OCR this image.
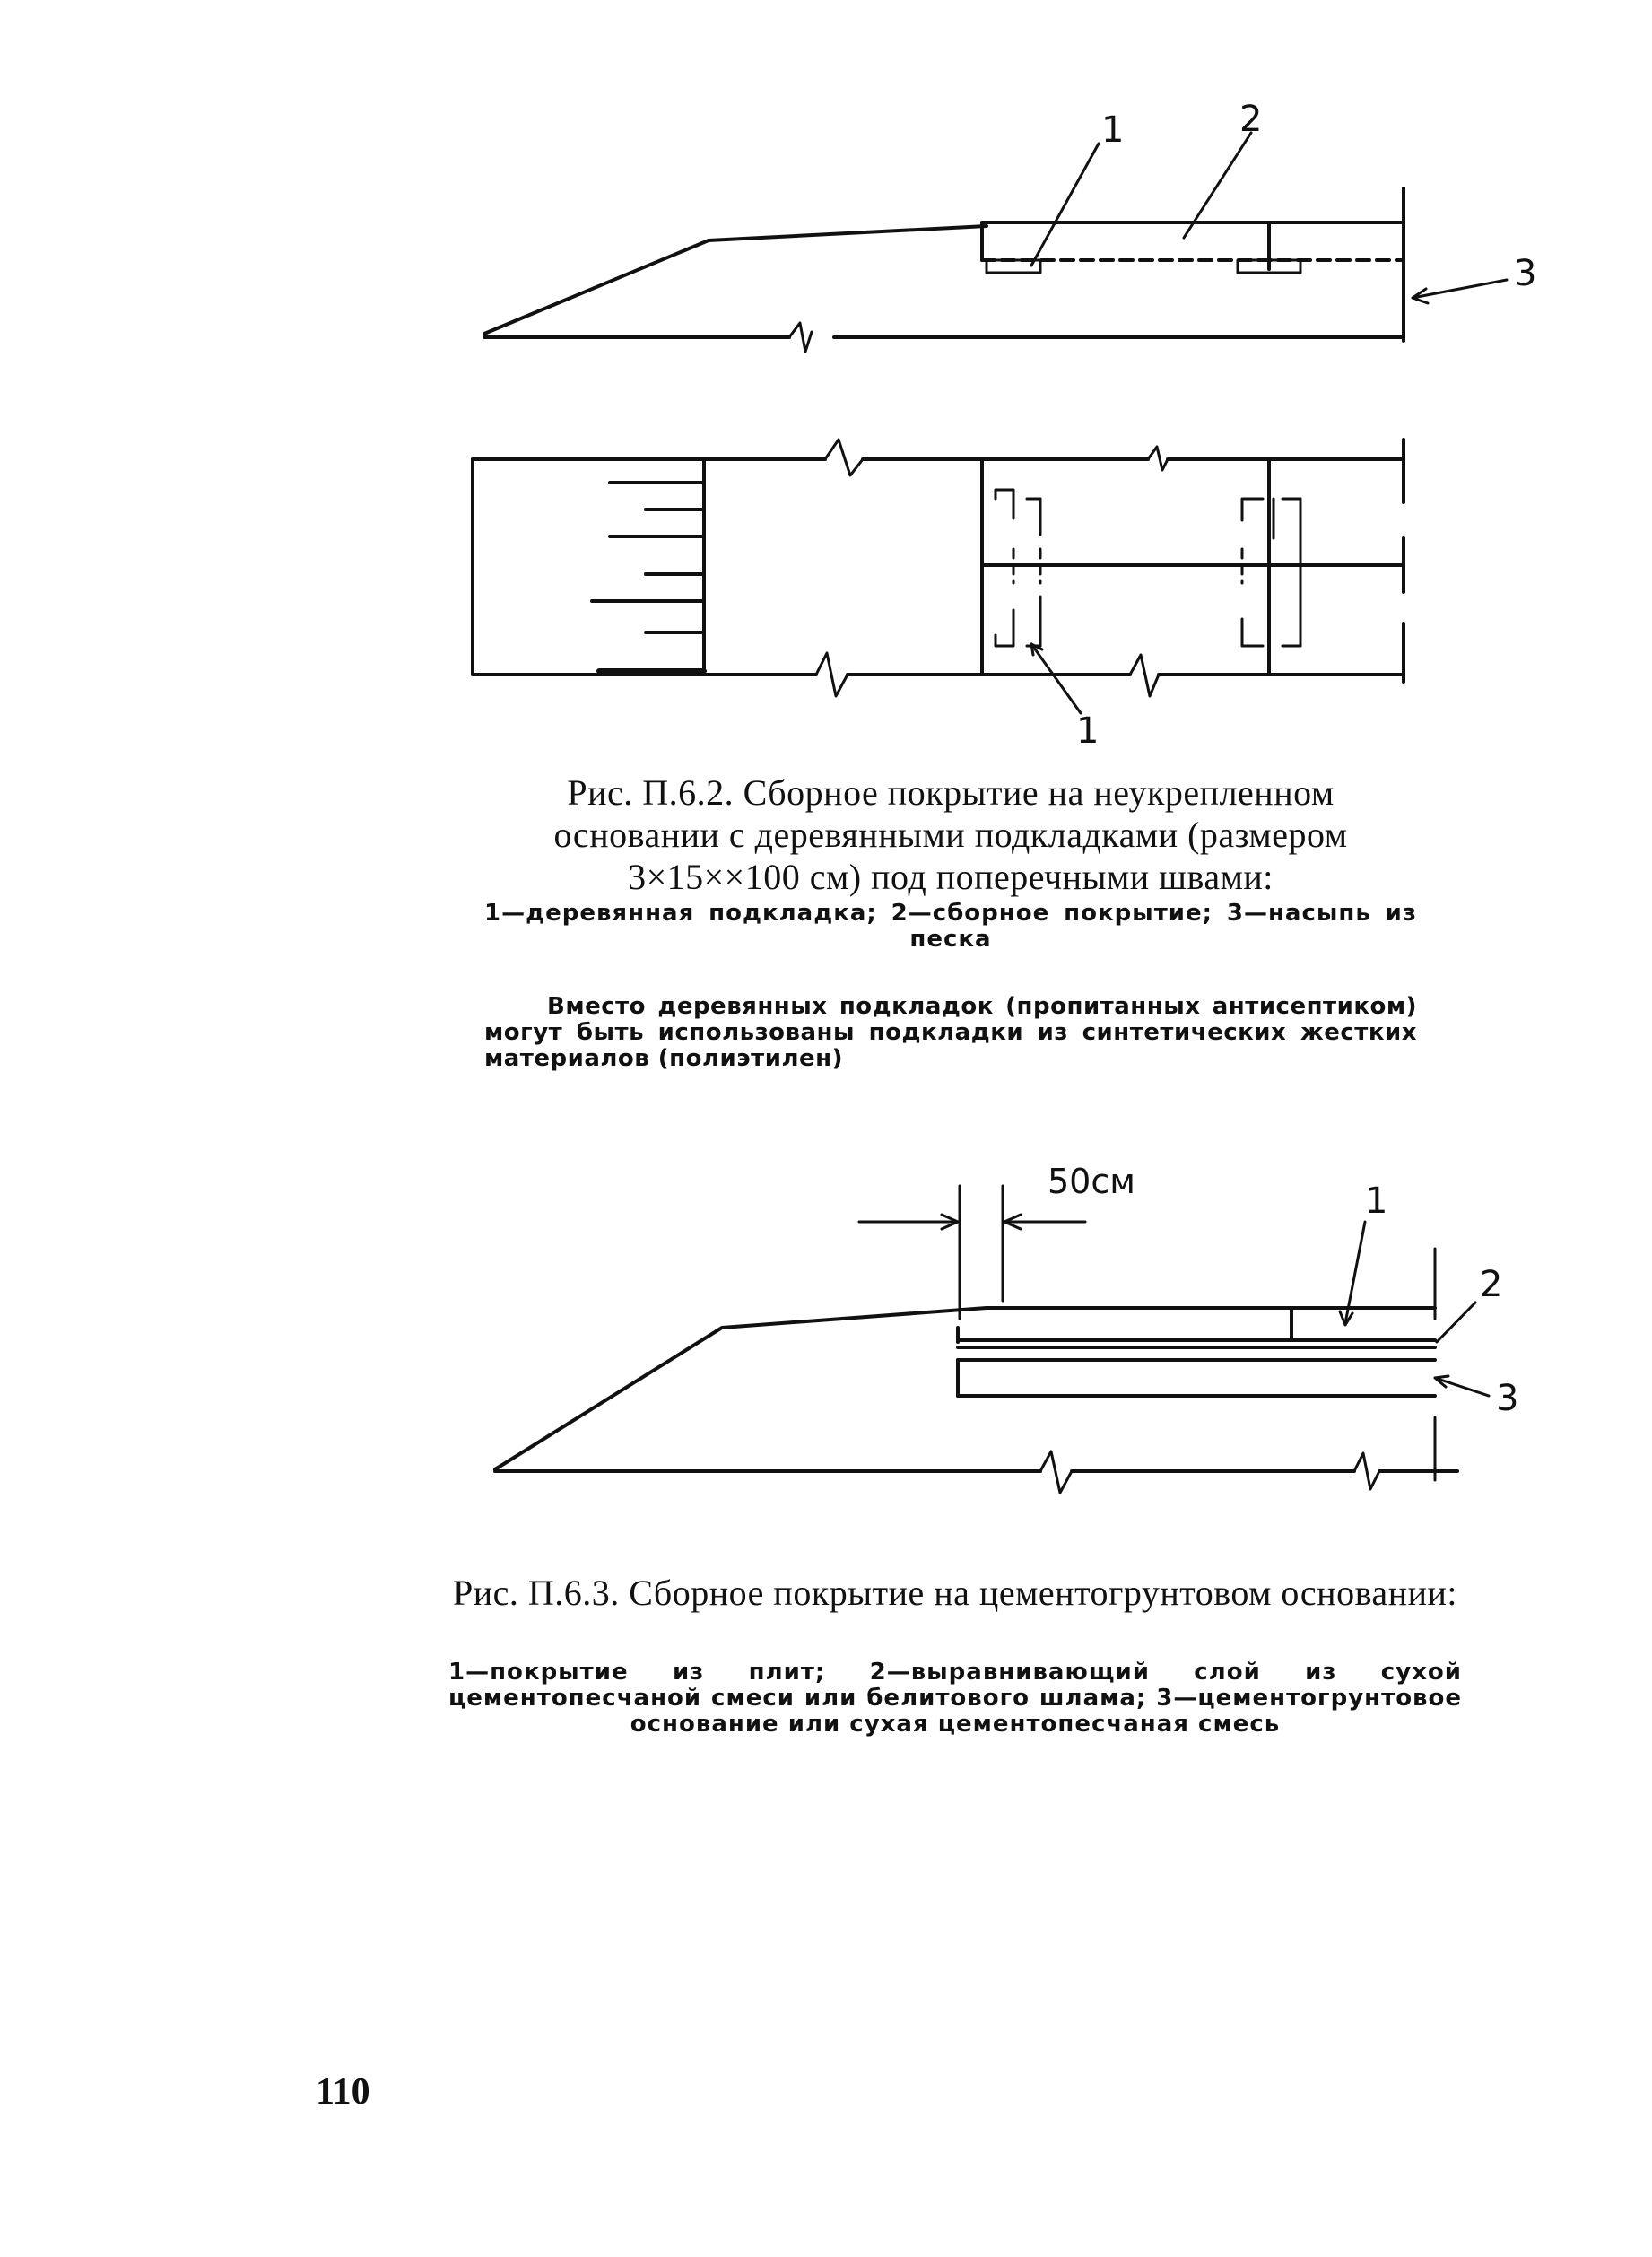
1	2
3
1
Рис. П.6.2. Сборное покрытие на неукрепленном основании с деревянными подкладками (размером 3×15××100 см) под поперечными швами:
1—деревянная подкладка; 2—сборное покрытие; 3—насыпь из песка
Вместо деревянных подкладок (пропитанных антисептиком) могут быть использованы подкладки из синтетических жестких материалов (полиэтилен)
50см	1
2
3
Рис. П.6.3. Сборное покрытие на цементогрунтовом основании:
1—покрытие из плит; 2—выравнивающий слой из сухой цементопесчаной смеси или белитового шлама; 3—цементогрунтовое основание или сухая цементопесчаная смесь
110
